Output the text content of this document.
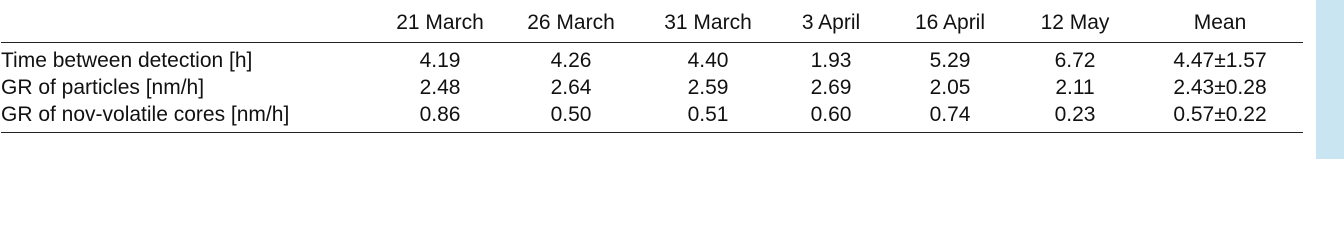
	21 March	26 March	31 March	3 April	16 April	12 May	Mean
Time between detection [h]	4.19	4.26	4.40	1.93	5.29	6.72	4.47±1.57
GR of particles [nm/h]	2.48	2.64	2.59	2.69	2.05	2.11	2.43±0.28
GR of nov-volatile cores [nm/h]	0.86	0.50	0.51	0.60	0.74	0.23	0.57±0.22
